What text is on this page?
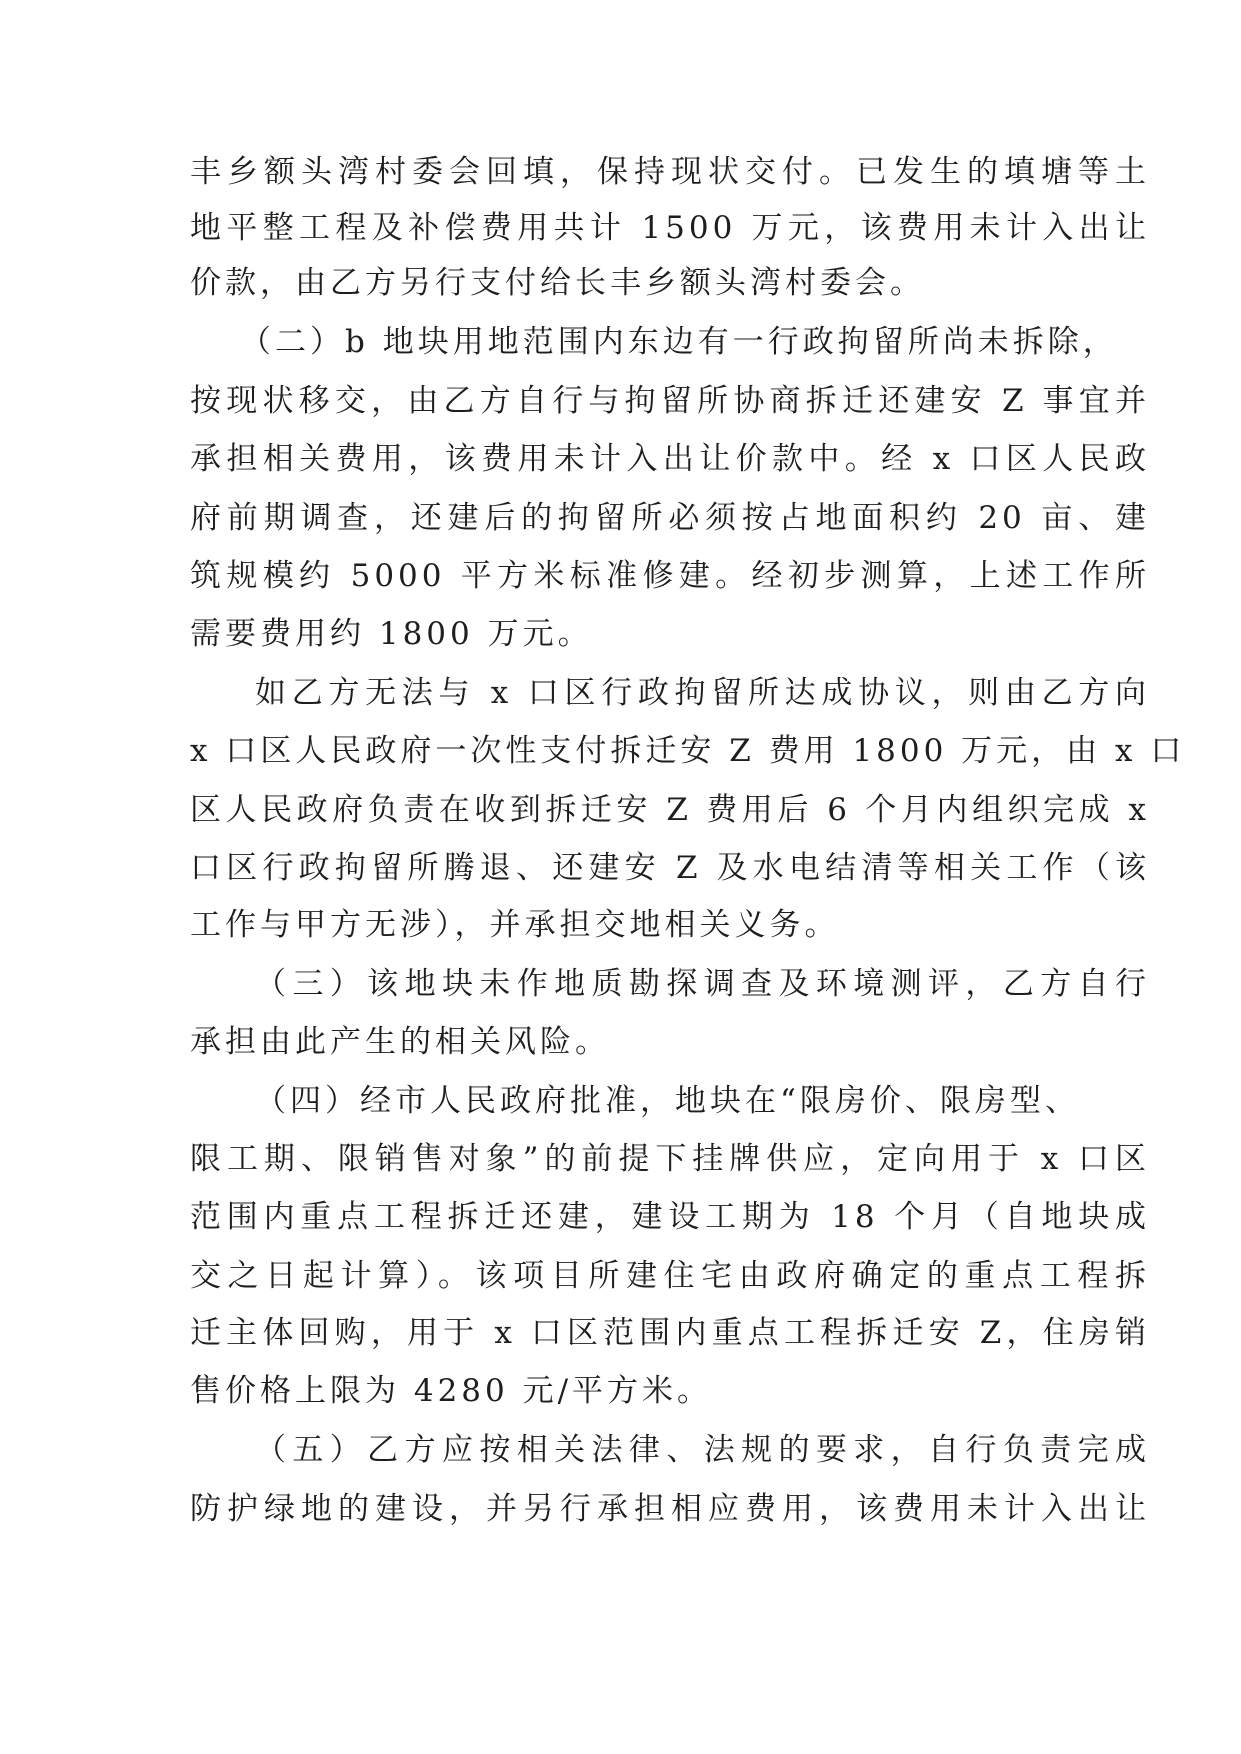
丰乡额头湾村委会回填，保持现状交付。已发生的填塘等土
地平整工程及补偿费用共计 1500 万元，该费用未计入出让
价款，由乙方另行支付给长丰乡额头湾村委会。
（二）b 地块用地范围内东边有一行政拘留所尚未拆除，
按现状移交，由乙方自行与拘留所协商拆迁还建安 Z 事宜并
承担相关费用，该费用未计入出让价款中。经 x 口区人民政
府前期调查，还建后的拘留所必须按占地面积约 20 亩、建
筑规模约 5000 平方米标准修建。经初步测算，上述工作所
需要费用约 1800 万元。
如乙方无法与 x 口区行政拘留所达成协议，则由乙方向
x 口区人民政府一次性支付拆迁安 Z 费用 1800 万元，由 x 口
区人民政府负责在收到拆迁安 Z 费用后 6 个月内组织完成 x
口区行政拘留所腾退、还建安 Z 及水电结清等相关工作（该
工作与甲方无涉），并承担交地相关义务。
（三）该地块未作地质勘探调查及环境测评，乙方自行
承担由此产生的相关风险。
（四）经市人民政府批准，地块在“限房价、限房型、
限工期、限销售对象”的前提下挂牌供应，定向用于 x 口区
范围内重点工程拆迁还建，建设工期为 18 个月（自地块成
交之日起计算）。该项目所建住宅由政府确定的重点工程拆
迁主体回购，用于 x 口区范围内重点工程拆迁安 Z，住房销
售价格上限为 4280 元/平方米。
（五）乙方应按相关法律、法规的要求，自行负责完成
防护绿地的建设，并另行承担相应费用，该费用未计入出让
